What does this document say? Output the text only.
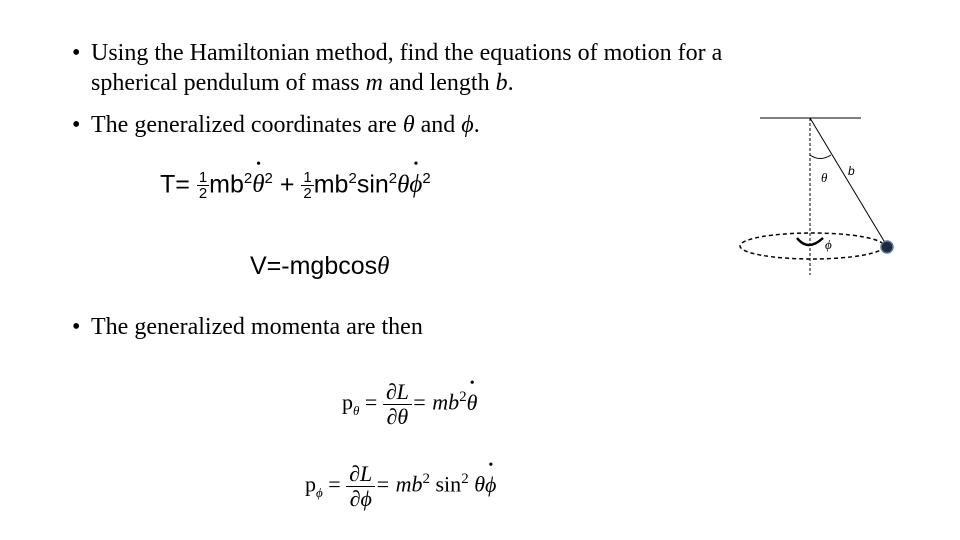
• Using the Hamiltonian method, find the equations of motion for a
spherical pendulum of mass m and length b.
• The generalized coordinates are θ and ϕ.
$T= \frac{1}{2} mb^2\theta$ •$^2$ + $\frac{1}{2} mb^2\sin^2\theta\phi$ •$^2$
V=-mgbcosθ
• The generalized momenta are then
$p_\theta = \frac{\partial L}{\partial\theta} = mb^2\theta$ •
$p_\phi = \frac{\partial L}{\partial\phi} = mb^2$ $\sin^2 \theta\phi$ •
θ b
ϕ
